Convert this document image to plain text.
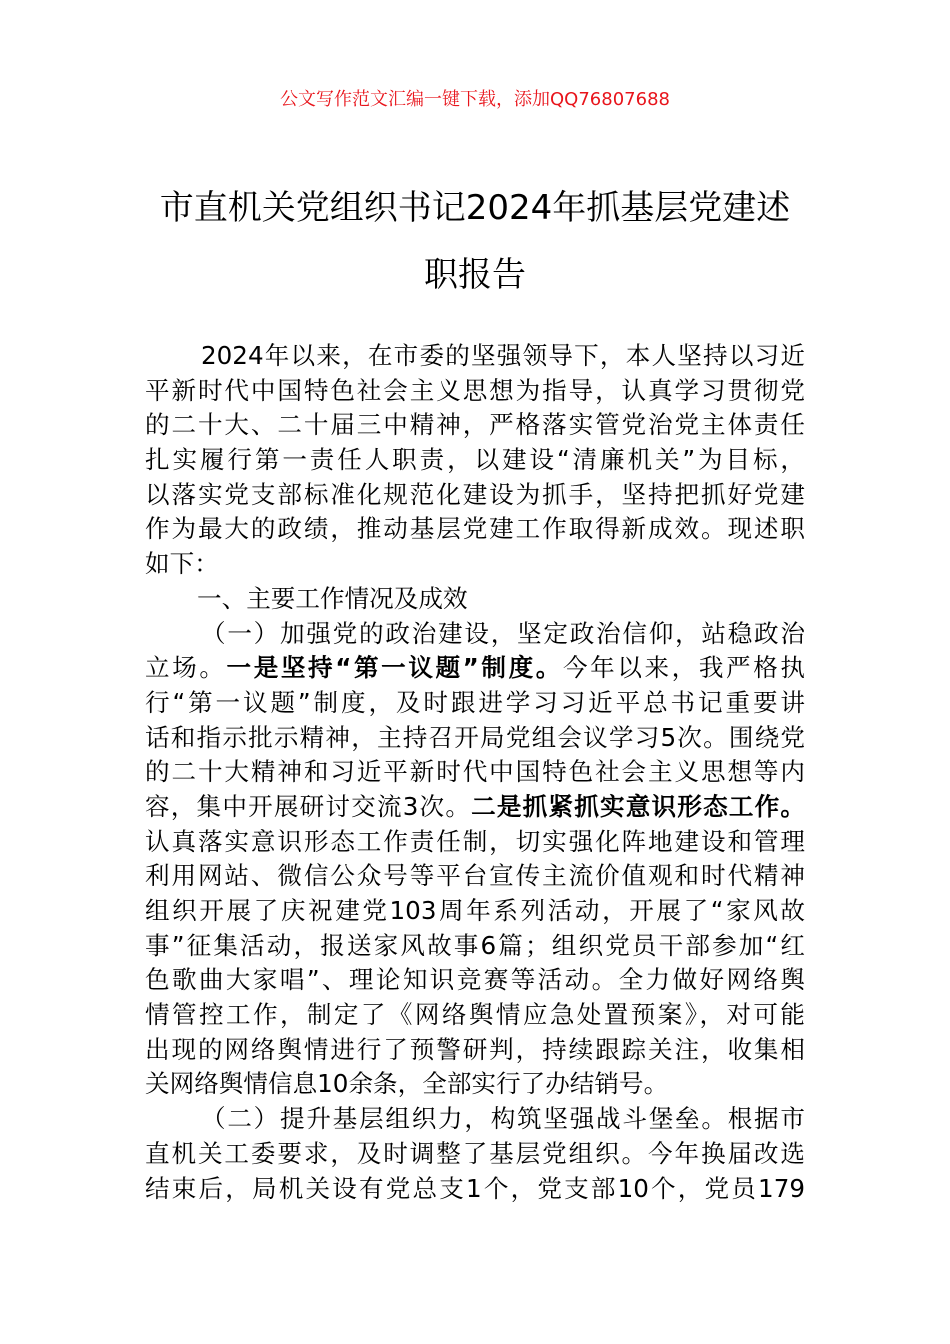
公文写作范文汇编一键下载，添加QQ76807688
市直机关党组织书记2024年抓基层党建述
职报告
2024年以来，在市委的坚强领导下，本人坚持以习近
平新时代中国特色社会主义思想为指导，认真学习贯彻党
的二十大、二十届三中精神，严格落实管党治党主体责任
扎实履行第一责任人职责，以建设“清廉机关”为目标，
以落实党支部标准化规范化建设为抓手，坚持把抓好党建
作为最大的政绩，推动基层党建工作取得新成效。现述职
如下：
一、主要工作情况及成效
（一）加强党的政治建设，坚定政治信仰，站稳政治
立场。一是坚持“第一议题”制度。今年以来，我严格执
行“第一议题”制度，及时跟进学习习近平总书记重要讲
话和指示批示精神，主持召开局党组会议学习5次。围绕党
的二十大精神和习近平新时代中国特色社会主义思想等内
容，集中开展研讨交流3次。二是抓紧抓实意识形态工作。
认真落实意识形态工作责任制，切实强化阵地建设和管理
利用网站、微信公众号等平台宣传主流价值观和时代精神
组织开展了庆祝建党103周年系列活动，开展了“家风故
事”征集活动，报送家风故事6篇；组织党员干部参加“红
色歌曲大家唱”、理论知识竞赛等活动。全力做好网络舆
情管控工作，制定了《网络舆情应急处置预案》，对可能
出现的网络舆情进行了预警研判，持续跟踪关注，收集相
关网络舆情信息10余条，全部实行了办结销号。
（二）提升基层组织力，构筑坚强战斗堡垒。根据市
直机关工委要求，及时调整了基层党组织。今年换届改选
结束后，局机关设有党总支1个，党支部10个，党员179
